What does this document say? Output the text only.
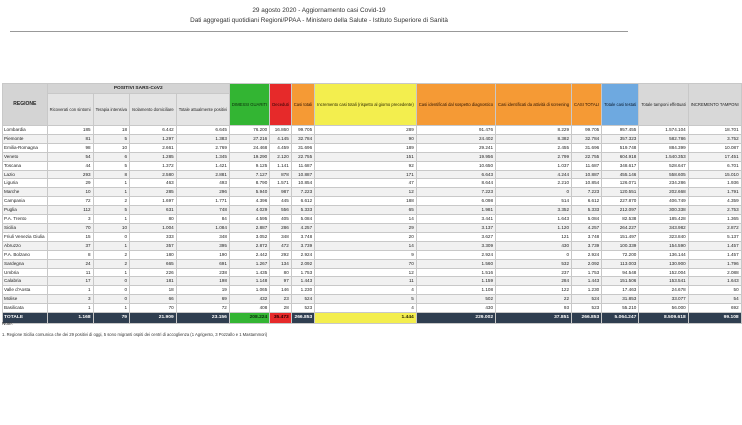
29 agosto 2020 - Aggiornamento casi Covid-19
Dati aggregati quotidiani Regioni/PPAA - Ministero della Salute - Istituto Superiore di Sanità
REGIONE	POSITIVI SARS-CoV2				DIMESSI GUARITI	Deceduti	Casi totali	Incremento casi totali (rispetto al giorno precedente)	Casi identificati dal sospetto diagnostico	Casi identificati da attività di screening	CASI TOTALI	Totale casi testati	Totale tamponi effettuati	INCREMENTO TAMPONI
	Ricoverati con sintomi	Terapia intensiva	Isolamento domiciliare	Totale attualmente positivi										
Lombardia	185	18	6.442	6.645	76.200	16.860	99.705	289	91.476	8.229	99.705	957.455	1.574.104	18.701
Piemonte	81	5	1.297	1.383	27.216	4.145	32.784	90	24.402	8.382	32.784	357.323	582.786	3.752
Emilia-Romagna	98	10	2.661	2.769	24.468	4.459	31.696	189	29.241	2.455	31.696	519.748	884.399	10.087
Veneto	54	6	1.285	1.345	19.290	2.120	22.755	151	19.956	2.799	22.755	604.918	1.540.353	17.451
Toscana	44	5	1.372	1.421	9.125	1.141	11.687	92	10.650	1.037	11.687	348.617	528.647	6.701
Lazio	293	8	2.580	2.881	7.127	878	10.887	171	6.643	4.244	10.887	455.146	558.605	15.010
Liguria	29	1	463	493	8.790	1.571	10.854	47	8.644	2.210	10.854	126.071	234.286	1.936
Marche	10	1	285	296	5.940	987	7.223	12	7.223	0	7.223	120.551	202.668	1.791
Campania	72	2	1.697	1.771	4.396	445	6.612	188	6.098	514	6.612	227.870	406.749	4.359
Puglia	112	5	631	748	4.029	556	5.333	65	1.981	3.352	5.333	212.097	300.338	2.753
P.A. Trento	3	1	80	84	4.595	405	5.084	14	3.441	1.643	5.084	82.538	185.428	1.365
Sicilia	70	10	1.004	1.084	2.887	286	4.257	29	3.137	1.120	4.257	264.227	343.982	2.872
Friuli Venezia Giulia	15	0	333	348	3.052	348	3.748	20	3.627	121	3.748	151.497	323.840	5.137
Abruzzo	37	1	357	395	2.872	472	3.739	14	3.309	430	3.739	100.339	154.590	1.457
P.A. Bolzano	8	2	180	190	2.442	292	2.924	9	2.924	0	2.924	72.200	136.144	1.457
Sardegna	24	2	665	691	1.267	134	2.092	70	1.560	532	2.092	113.003	130.900	1.796
Umbria	11	1	226	238	1.435	80	1.753	12	1.516	237	1.753	94.548	152.004	2.088
Calabria	17	0	181	198	1.148	97	1.443	11	1.159	284	1.443	151.506	153.541	1.643
Valle d'Aosta	1	0	18	19	1.065	146	1.230	4	1.108	122	1.230	17.463	24.678	50
Molise	3	0	66	69	432	23	524	5	502	22	524	31.853	33.077	54
Basilicata	1	1	70	72	408	28	523	4	430	93	523	55.210	56.000	692
TOTALE	1.168	79	21.909	23.156	208.224	35.473	266.853	1.444	229.002	37.851	266.853	5.064.247	8.509.618	99.108
Note:
1. Regione Sicilia comunica che dei 29 positivi di oggi, 5 sono migranti ospiti dei centri di accoglienza (1 Agrigento, 3 Pozzallo e 1 Mastammori)
